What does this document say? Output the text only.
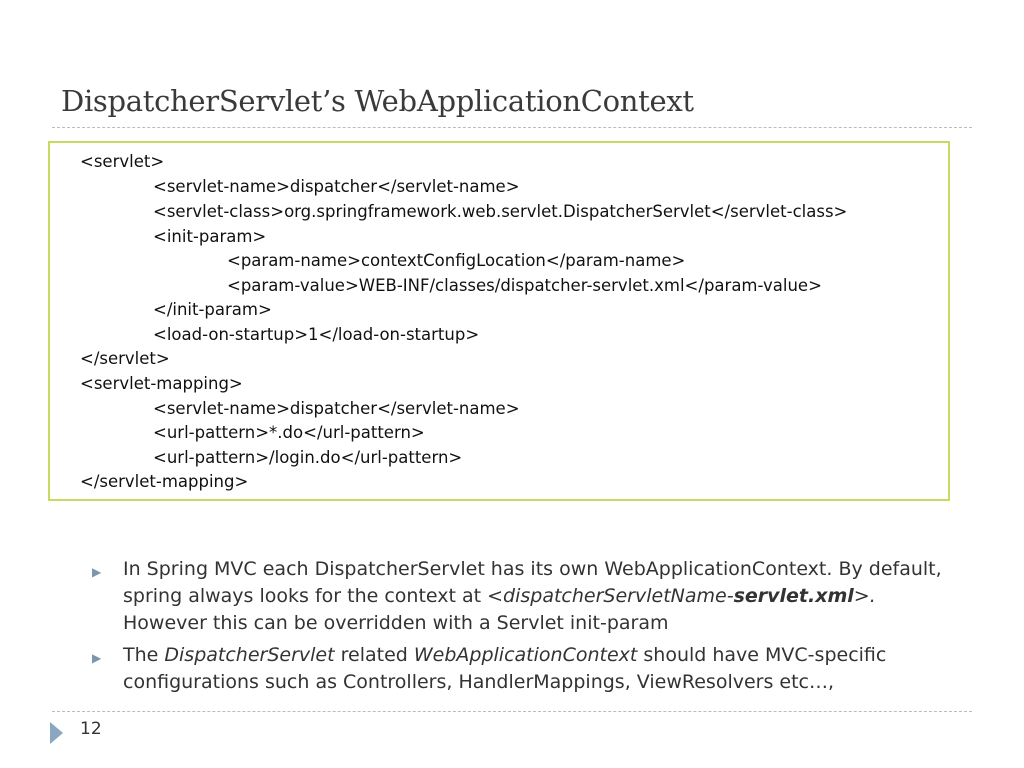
DispatcherServlet’s WebApplicationContext
<servlet>
<servlet-name>dispatcher</servlet-name>
<servlet-class>org.springframework.web.servlet.DispatcherServlet</servlet-class>
<init-param>
<param-name>contextConfigLocation</param-name>
<param-value>WEB-INF/classes/dispatcher-servlet.xml</param-value>
</init-param>
<load-on-startup>1</load-on-startup>
</servlet>
<servlet-mapping>
<servlet-name>dispatcher</servlet-name>
<url-pattern>*.do</url-pattern>
<url-pattern>/login.do</url-pattern>
</servlet-mapping>
▶ In Spring MVC each DispatcherServlet has its own WebApplicationContext. By default, spring always looks for the context at <dispatcherServletName-servlet.xml>. However this can be overridden with a Servlet init-param
▶ The DispatcherServlet related WebApplicationContext should have MVC-specific configurations such as Controllers, HandlerMappings, ViewResolvers etc…,
12
